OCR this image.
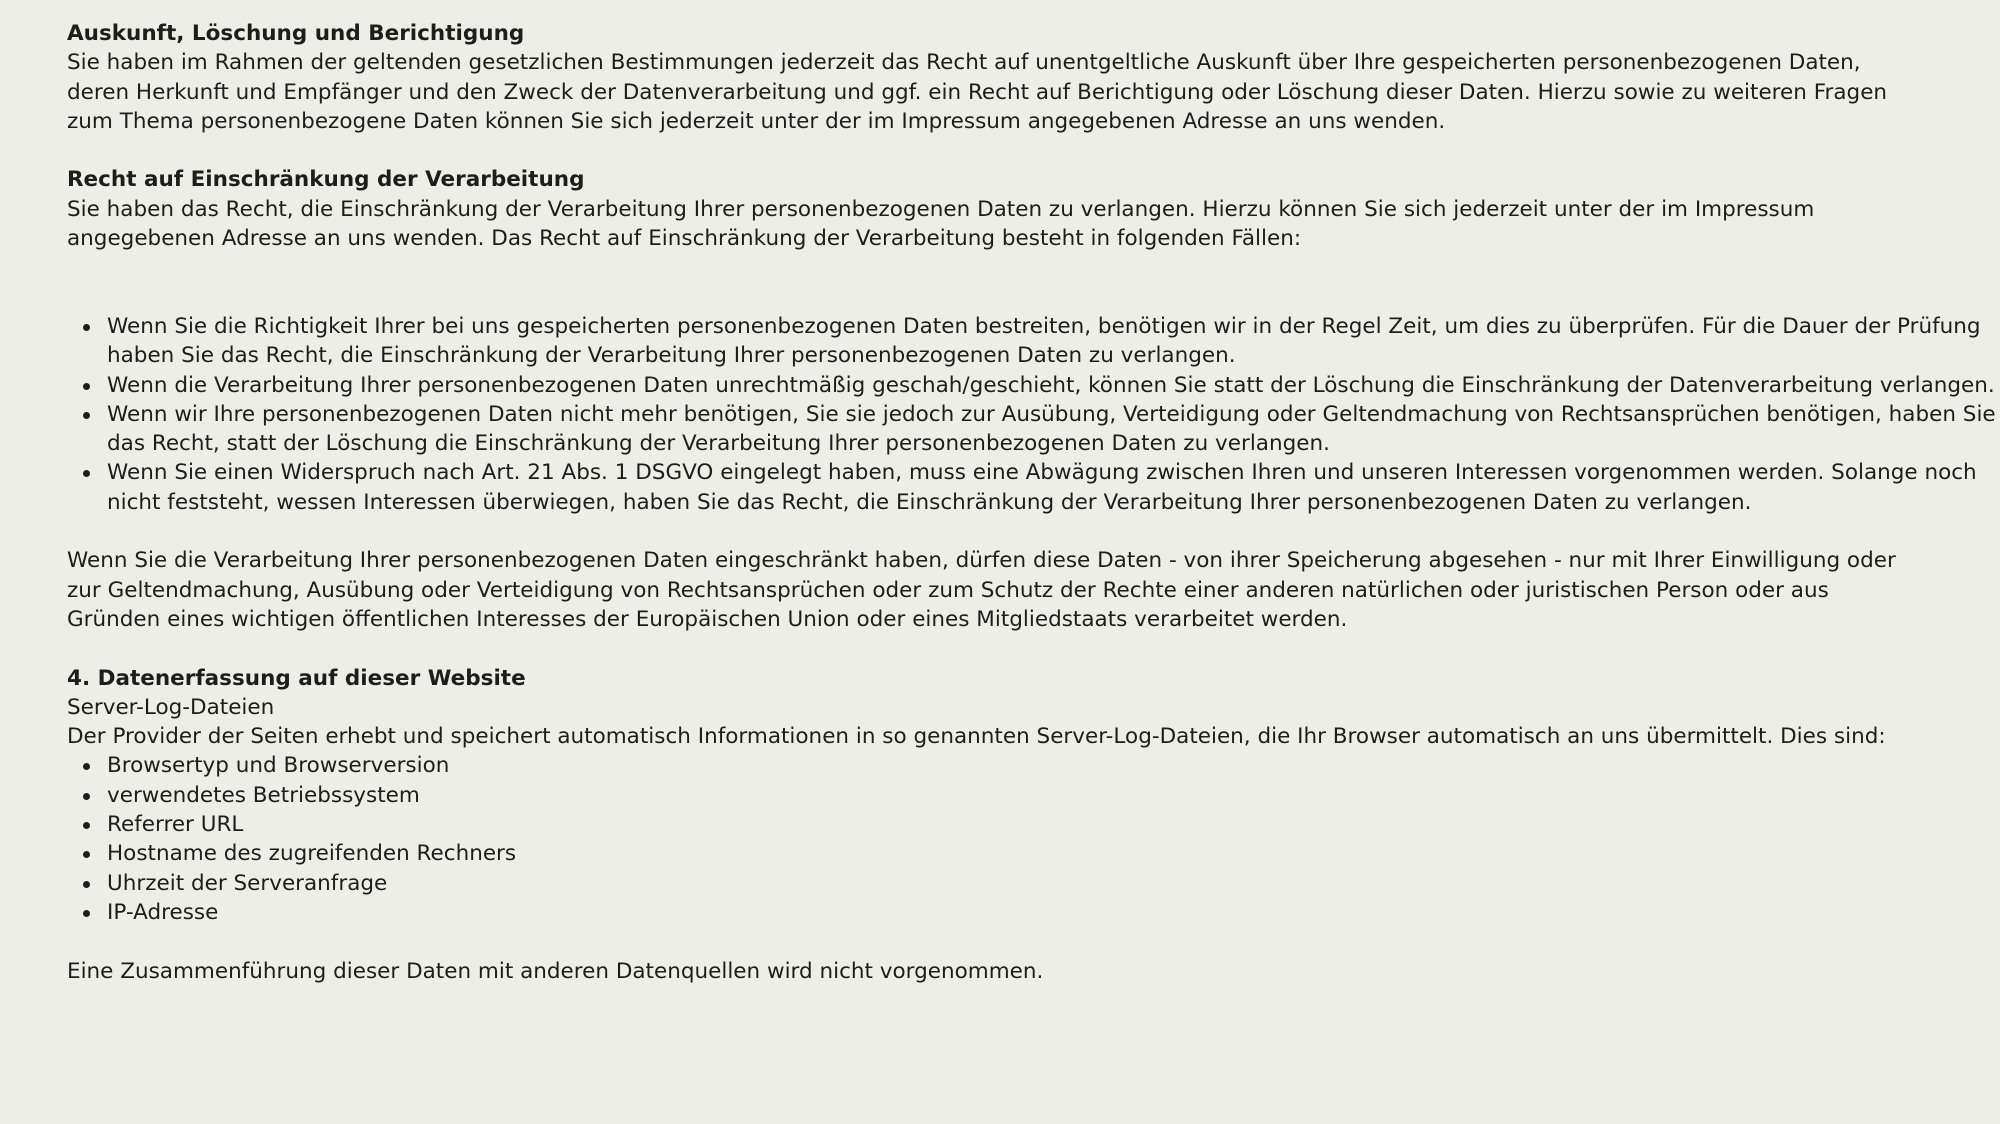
Auskunft, Löschung und Berichtigung

Sie haben im Rahmen der geltenden gesetzlichen Bestimmungen jederzeit das Recht auf unentgeltliche Auskunft über Ihre gespeicherten personenbezogenen Daten, deren Herkunft und Empfänger und den Zweck der Datenverarbeitung und ggf. ein Recht auf Berichtigung oder Löschung dieser Daten. Hierzu sowie zu weiteren Fragen zum Thema personenbezogene Daten können Sie sich jederzeit unter der im Impressum angegebenen Adresse an uns wenden.

Recht auf Einschränkung der Verarbeitung

Sie haben das Recht, die Einschränkung der Verarbeitung Ihrer personenbezogenen Daten zu verlangen. Hierzu können Sie sich jederzeit unter der im Impressum angegebenen Adresse an uns wenden. Das Recht auf Einschränkung der Verarbeitung besteht in folgenden Fällen:

Wenn Sie die Richtigkeit Ihrer bei uns gespeicherten personenbezogenen Daten bestreiten, benötigen wir in der Regel Zeit, um dies zu überprüfen. Für die Dauer der Prüfung haben Sie das Recht, die Einschränkung der Verarbeitung Ihrer personenbezogenen Daten zu verlangen.
Wenn die Verarbeitung Ihrer personenbezogenen Daten unrechtmäßig geschah/geschieht, können Sie statt der Löschung die Einschränkung der Datenverarbeitung verlangen.
Wenn wir Ihre personenbezogenen Daten nicht mehr benötigen, Sie sie jedoch zur Ausübung, Verteidigung oder Geltendmachung von Rechtsansprüchen benötigen, haben Sie das Recht, statt der Löschung die Einschränkung der Verarbeitung Ihrer personenbezogenen Daten zu verlangen.
Wenn Sie einen Widerspruch nach Art. 21 Abs. 1 DSGVO eingelegt haben, muss eine Abwägung zwischen Ihren und unseren Interessen vorgenommen werden. Solange noch nicht feststeht, wessen Interessen überwiegen, haben Sie das Recht, die Einschränkung der Verarbeitung Ihrer personenbezogenen Daten zu verlangen.

Wenn Sie die Verarbeitung Ihrer personenbezogenen Daten eingeschränkt haben, dürfen diese Daten - von ihrer Speicherung abgesehen - nur mit Ihrer Einwilligung oder zur Geltendmachung, Ausübung oder Verteidigung von Rechtsansprüchen oder zum Schutz der Rechte einer anderen natürlichen oder juristischen Person oder aus Gründen eines wichtigen öffentlichen Interesses der Europäischen Union oder eines Mitgliedstaats verarbeitet werden.

4. Datenerfassung auf dieser Website

Server-Log-Dateien

Der Provider der Seiten erhebt und speichert automatisch Informationen in so genannten Server-Log-Dateien, die Ihr Browser automatisch an uns übermittelt. Dies sind:

Browsertyp und Browserversion
verwendetes Betriebssystem
Referrer URL
Hostname des zugreifenden Rechners
Uhrzeit der Serveranfrage
IP-Adresse

Eine Zusammenführung dieser Daten mit anderen Datenquellen wird nicht vorgenommen.
